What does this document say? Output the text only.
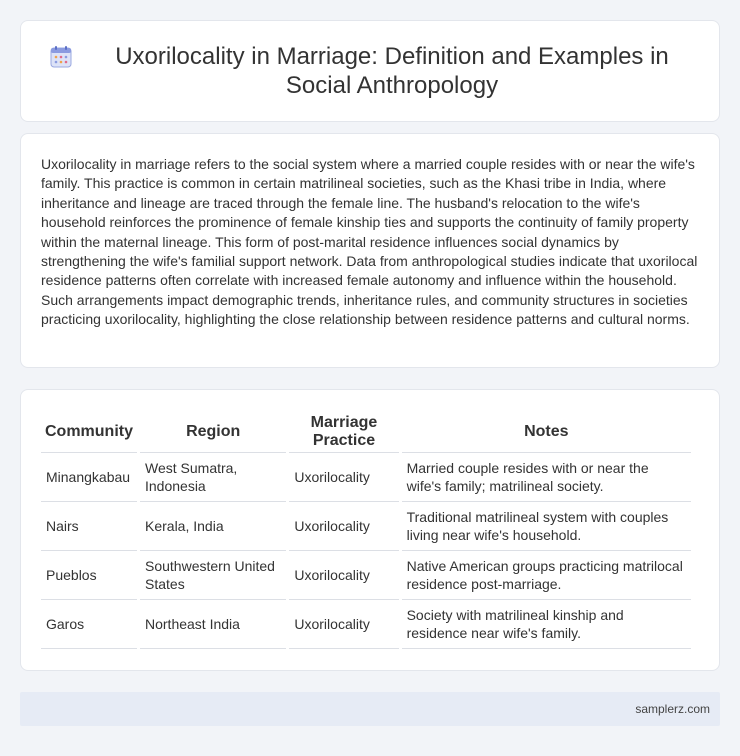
Uxorilocality in Marriage: Definition and Examples in Social Anthropology

Uxorilocality in marriage refers to the social system where a married couple resides with or near the wife's family. This practice is common in certain matrilineal societies, such as the Khasi tribe in India, where inheritance and lineage are traced through the female line. The husband's relocation to the wife's household reinforces the prominence of female kinship ties and supports the continuity of family property within the maternal lineage. This form of post-marital residence influences social dynamics by strengthening the wife's familial support network. Data from anthropological studies indicate that uxorilocal residence patterns often correlate with increased female autonomy and influence within the household. Such arrangements impact demographic trends, inheritance rules, and community structures in societies practicing uxorilocality, highlighting the close relationship between residence patterns and cultural norms.

Community	Region	Marriage Practice	Notes
Minangkabau	West Sumatra, Indonesia	Uxorilocality	Married couple resides with or near the wife's family; matrilineal society.
Nairs	Kerala, India	Uxorilocality	Traditional matrilineal system with couples living near wife's household.
Pueblos	Southwestern United States	Uxorilocality	Native American groups practicing matrilocal residence post-marriage.
Garos	Northeast India	Uxorilocality	Society with matrilineal kinship and residence near wife's family.
samplerz.com
